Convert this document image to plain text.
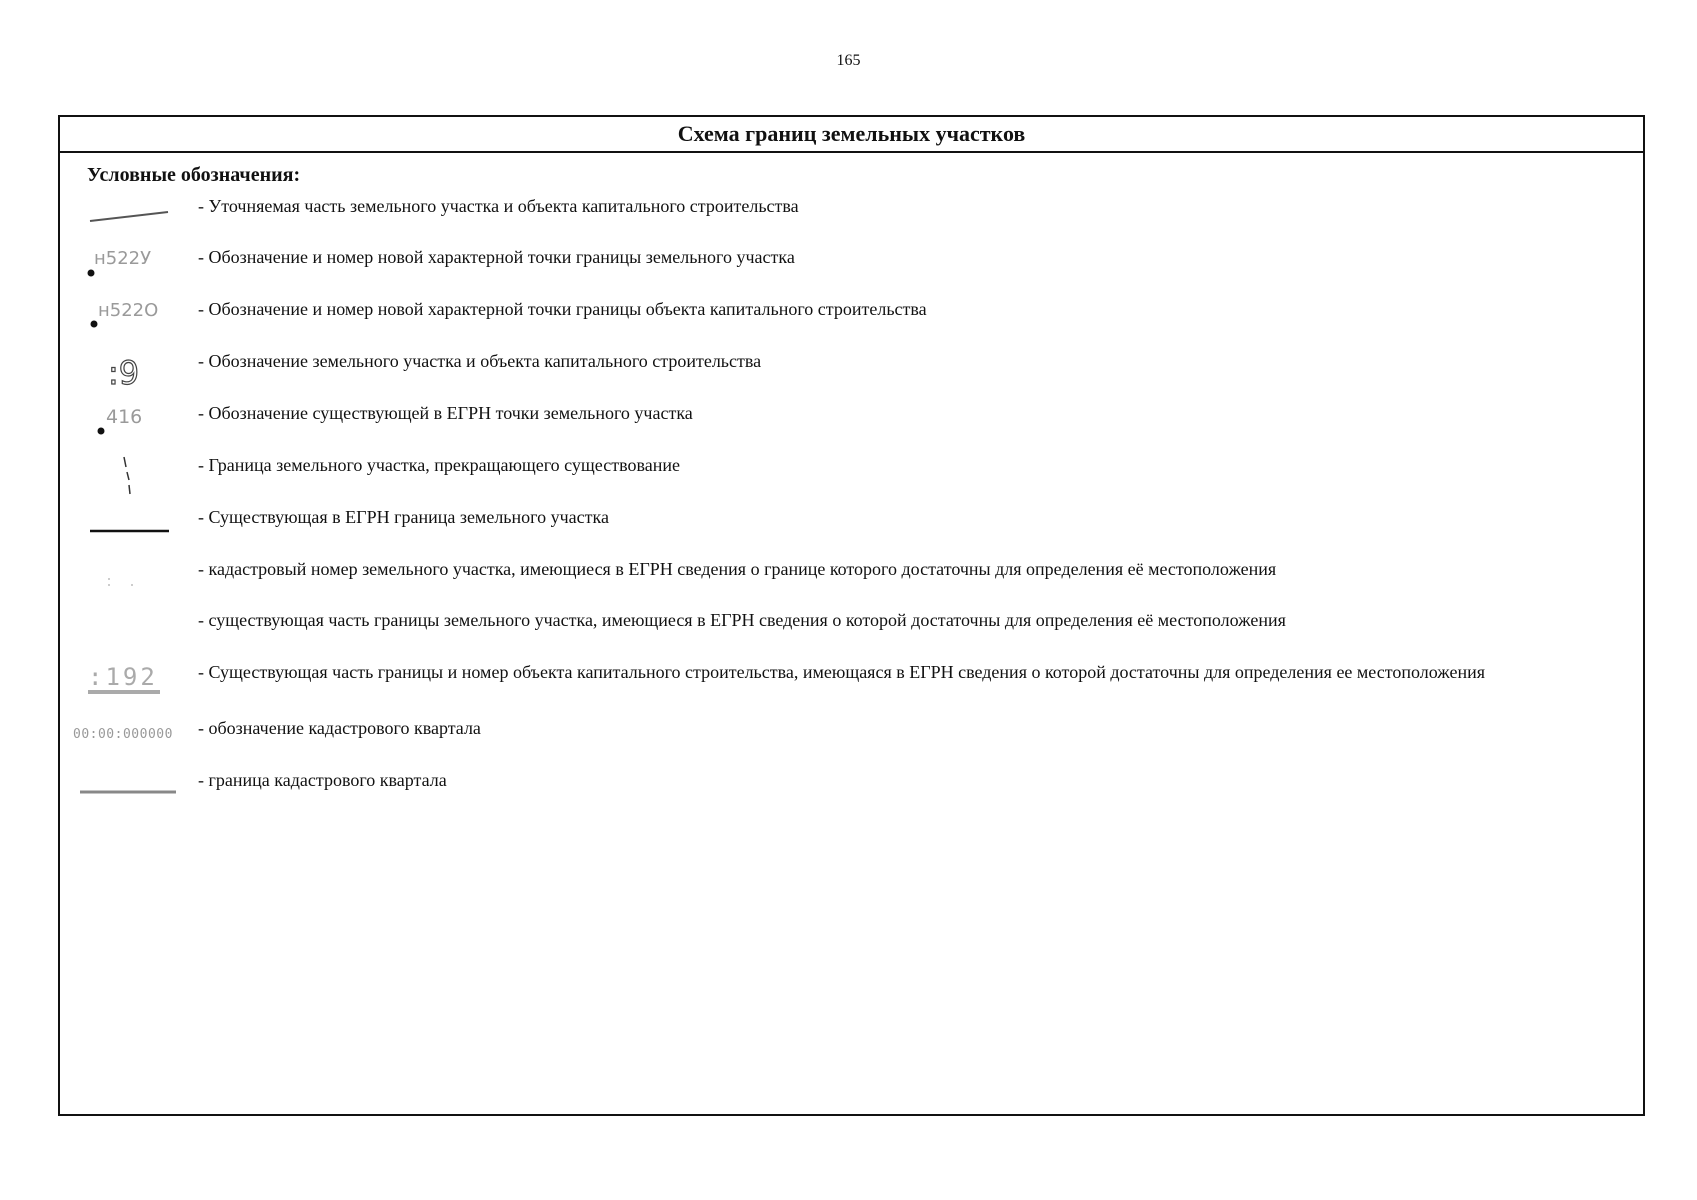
165
Схема границ земельных участков
Условные обозначения:
- Уточняемая часть земельного участка и объекта капитального строительства
н522У	- Обозначение и номер новой характерной точки границы земельного участка
н522О - Обозначение и номер новой характерной точки границы объекта капитального строительства
:9	- Обозначение земельного участка и объекта капитального строительства
416	- Обозначение существующей в ЕГРН точки земельного участка
- Граница земельного участка, прекращающего существование
- Существующая в ЕГРН граница земельного участка
- кадастровый номер земельного участка, имеющиеся в ЕГРН сведения о границе которого достаточны для определения её местоположения
- существующая часть границы земельного участка, имеющиеся в ЕГРН сведения о которой достаточны для определения её местоположения
:192 - Существующая часть границы и номер объекта капитального строительства, имеющаяся в ЕГРН сведения о которой достаточны для определения ее местоположения
00:00:000000 - обозначение кадастрового квартала
- граница кадастрового квартала
